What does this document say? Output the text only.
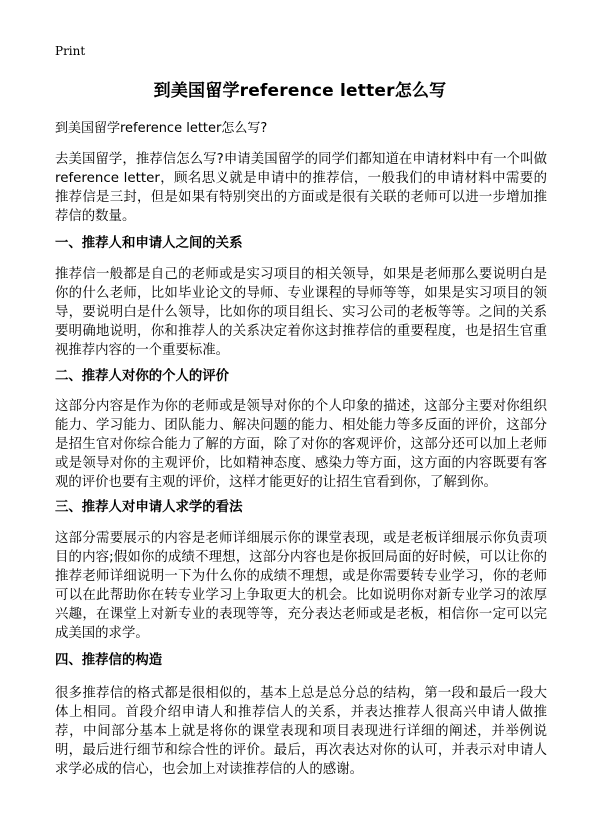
Print
到美国留学reference letter怎么写
到美国留学reference letter怎么写?
去美国留学，推荐信怎么写?申请美国留学的同学们都知道在申请材料中有一个叫做reference letter，顾名思义就是申请中的推荐信，一般我们的申请材料中需要的推荐信是三封，但是如果有特别突出的方面或是很有关联的老师可以进一步增加推荐信的数量。
一、推荐人和申请人之间的关系
推荐信一般都是自己的老师或是实习项目的相关领导，如果是老师那么要说明白是你的什么老师，比如毕业论文的导师、专业课程的导师等等，如果是实习项目的领导，要说明白是什么领导，比如你的项目组长、实习公司的老板等等。之间的关系要明确地说明，你和推荐人的关系决定着你这封推荐信的重要程度，也是招生官重视推荐内容的一个重要标准。
二、推荐人对你的个人的评价
这部分内容是作为你的老师或是领导对你的个人印象的描述，这部分主要对你组织能力、学习能力、团队能力、解决问题的能力、相处能力等多反面的评价，这部分是招生官对你综合能力了解的方面，除了对你的客观评价，这部分还可以加上老师或是领导对你的主观评价，比如精神态度、感染力等方面，这方面的内容既要有客观的评价也要有主观的评价，这样才能更好的让招生官看到你，了解到你。
三、推荐人对申请人求学的看法
这部分需要展示的内容是老师详细展示你的课堂表现，或是老板详细展示你负责项目的内容;假如你的成绩不理想，这部分内容也是你扳回局面的好时候，可以让你的推荐老师详细说明一下为什么你的成绩不理想，或是你需要转专业学习，你的老师可以在此帮助你在转专业学习上争取更大的机会。比如说明你对新专业学习的浓厚兴趣，在课堂上对新专业的表现等等，充分表达老师或是老板，相信你一定可以完成美国的求学。
四、推荐信的构造
很多推荐信的格式都是很相似的，基本上总是总分总的结构，第一段和最后一段大体上相同。首段介绍申请人和推荐信人的关系，并表达推荐人很高兴申请人做推荐，中间部分基本上就是将你的课堂表现和项目表现进行详细的阐述，并举例说明，最后进行细节和综合性的评价。最后，再次表达对你的认可，并表示对申请人求学必成的信心，也会加上对读推荐信的人的感谢。
